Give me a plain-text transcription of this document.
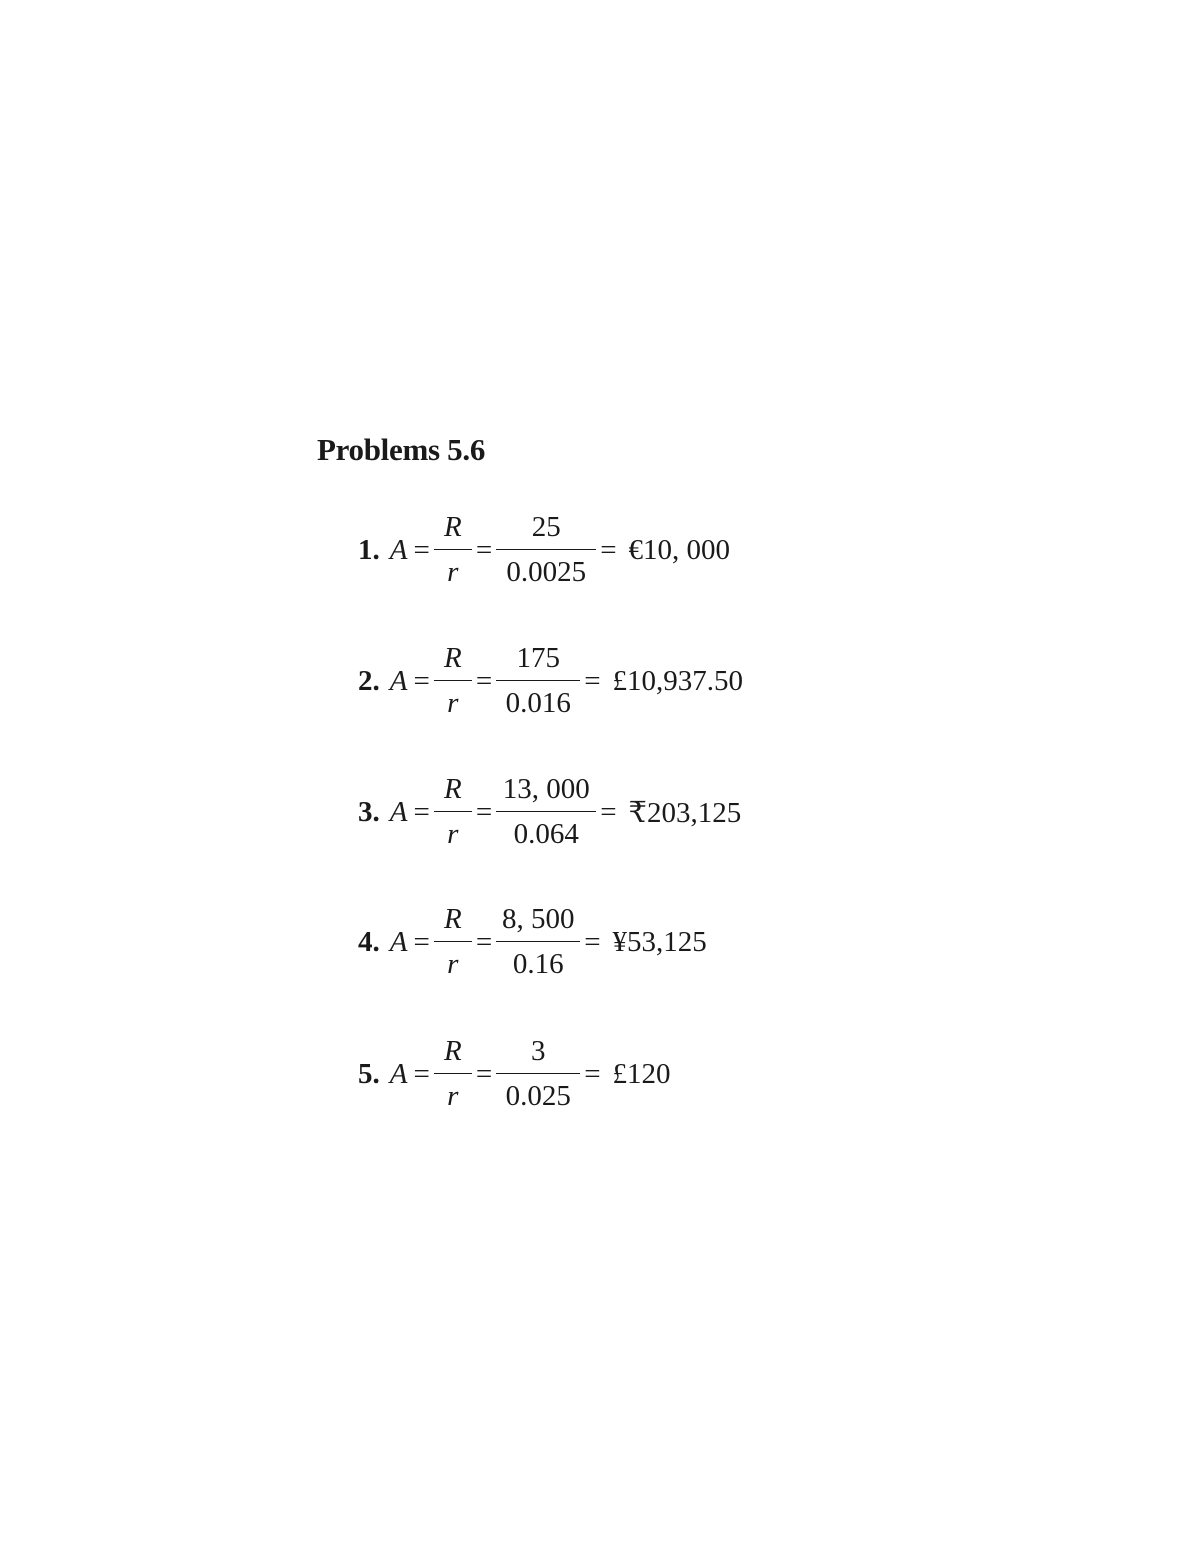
Problems 5.6
1. $A = \frac{R}{r} = \frac{25}{0.0025}$ = €10, 000
2. $A = \frac{R}{r} = \frac{175}{0.016}$ = £10,937.50
3. $A = \frac{R}{r} = \frac{13, 000}{0.064}$ = ₹203,125
4. $A = \frac{R}{r} = \frac{8, 500}{0.16}$ = ¥53,125
5. $A = \frac{R}{r} = \frac{3}{0.025}$ = £120
